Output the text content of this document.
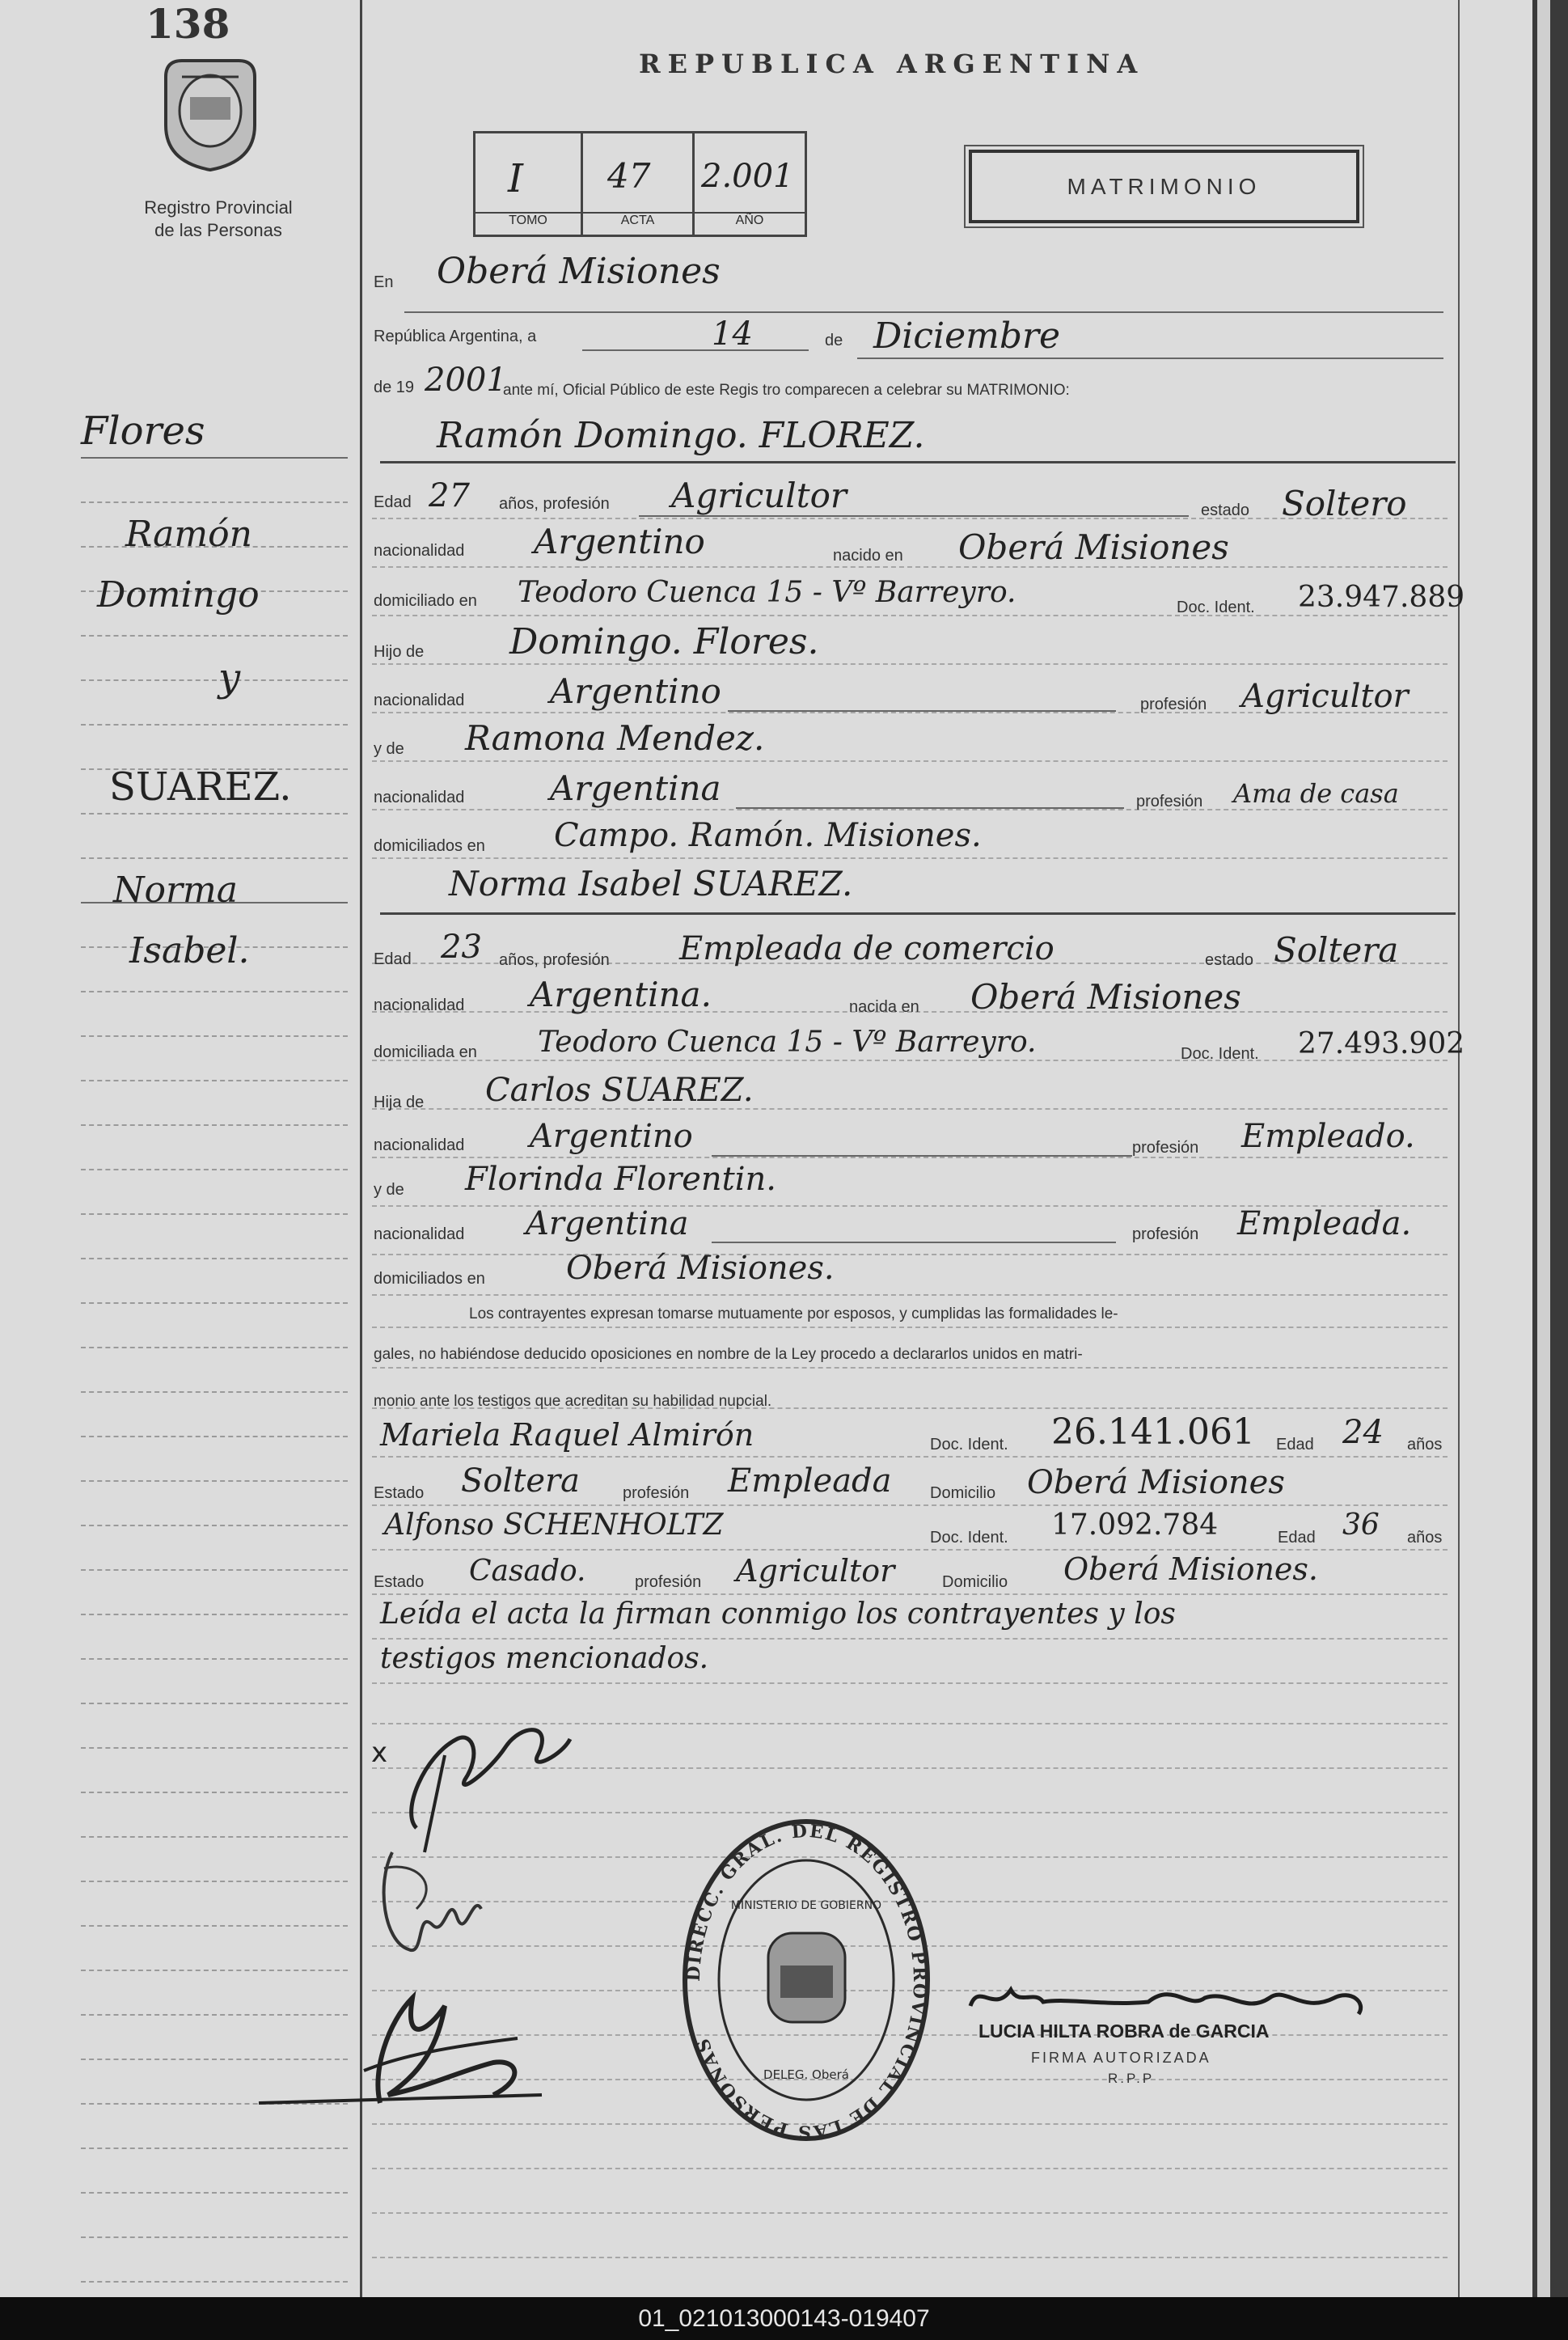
138
Registro Provincial
de las Personas
REPUBLICA ARGENTINA
I
TOMO
47
ACTA
2.001
AÑO
MATRIMONIO
Flores
Ramón
Domingo
y
SUAREZ.
Norma
Isabel.
En Oberá Misiones
República Argentina, a	14	de Diciembre
de 19 2001
ante mí, Oficial Público de este Regis tro comparecen a celebrar su MATRIMONIO:
Ramón Domingo. FLOREZ.
Edad 27 años, profesión Agricultor	estado Soltero
nacionalidad Argentino	nacido en Oberá Misiones
domiciliado en Teodoro Cuenca 15 - Vº Barreyro.	Doc. Ident. 23.947.889
Hijo de Domingo. Flores.
nacionalidad	Argentino	profesión Agricultor
y de Ramona Mendez.
nacionalidad	Argentina	profesión Ama de casa
domiciliados en Campo. Ramón. Misiones.
Norma Isabel SUAREZ.
Edad 23 años, profesión Empleada de comercio	estado Soltera
nacionalidad Argentina.	nacida en Oberá Misiones
domiciliada en Teodoro Cuenca 15 - Vº Barreyro.	Doc. Ident. 27.493.902
Hija de Carlos SUAREZ.
nacionalidad Argentino	profesión Empleado.
y de Florinda Florentin.
nacionalidad Argentina	profesión Empleada.
domiciliados en	Oberá Misiones.
Los contrayentes expresan tomarse mutuamente por esposos, y cumplidas las formalidades le-
gales, no habiéndose deducido oposiciones en nombre de la Ley procedo a declararlos unidos en matri-
monio ante los testigos que acreditan su habilidad nupcial.
Mariela Raquel Almirón	Doc. Ident. 26.141.061 Edad 24 años
Estado Soltera	profesión Empleada Domicilio Oberá Misiones
Alfonso SCHENHOLTZ	Doc. Ident. 17.092.784	Edad 36 años
Estado Casado.	profesión Agricultor	Domicilio Oberá Misiones.
Leída el acta la firman conmigo los contrayentes y los
testigos mencionados.
x
DIRECC. GRAL. DEL REGISTRO PROVINCIAL DE LAS PERSONAS
MINISTERIO DE GOBIERNO
DELEG. Oberá
LUCIA HILTA ROBRA de GARCIA
FIRMA AUTORIZADA
R.P.P
01_021013000143-019407
